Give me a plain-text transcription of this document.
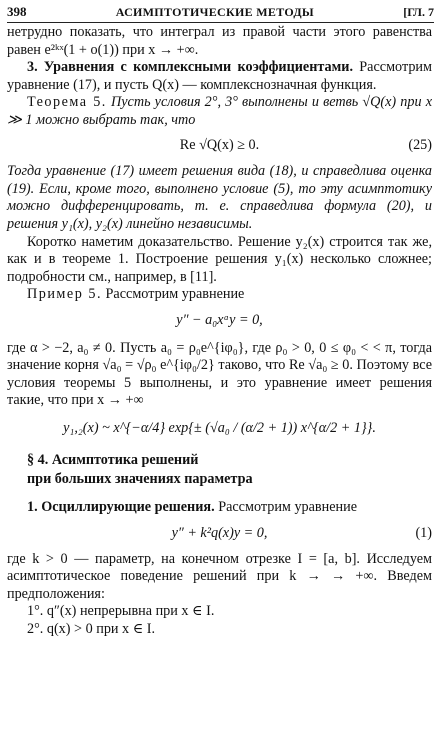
398	АСИМПТОТИЧЕСКИЕ МЕТОДЫ	[ГЛ. 7

нетрудно показать, что интеграл из правой части этого равенства равен e²ᵏˣ(1 + o(1)) при x → +∞.

3. Уравнения с комплексными коэффициентами. Рассмотрим уравнение (17), и пусть Q(x) — комплекснозначная функция.

Теорема 5. Пусть условия 2°, 3° выполнены и ветвь √Q(x) при x ≫ 1 можно выбрать так, что

Re √Q(x) ≥ 0.	(25)

Тогда уравнение (17) имеет решения вида (18), и справедлива оценка (19). Если, кроме того, выполнено условие (5), то эту асимптотику можно дифференцировать, т. е. справедлива формула (20), и решения y₁(x), y₂(x) линейно независимы.

Коротко наметим доказательство. Решение y₂(x) строится так же, как и в теореме 1. Построение решения y₁(x) несколько сложнее; подробности см., например, в [11].

Пример 5. Рассмотрим уравнение

y″ − a₀xᵅy = 0,

где α > −2, a₀ ≠ 0. Пусть a₀ = ρ₀e^{iφ₀}, где ρ₀ > 0, 0 ≤ φ₀ < < π, тогда значение корня √a₀ = √ρ₀ e^{iφ₀/2} таково, что Re √a₀ ≥ 0. Поэтому все условия теоремы 5 выполнены, и это уравнение имеет решения такие, что при x → +∞

y₁,₂(x) ~ x^{−α/4} exp{± (√a₀ / (α/2 + 1)) x^{α/2 + 1}}.

§ 4. Асимптотика решений

при больших значениях параметра

1. Осциллирующие решения. Рассмотрим уравнение

y″ + k²q(x)y = 0,	(1)

где k > 0 — параметр, на конечном отрезке I = [a, b]. Исследуем асимптотическое поведение решений при k → → +∞. Введем предположения:

1°. q″(x) непрерывна при x ∈ I.

2°. q(x) > 0 при x ∈ I.
